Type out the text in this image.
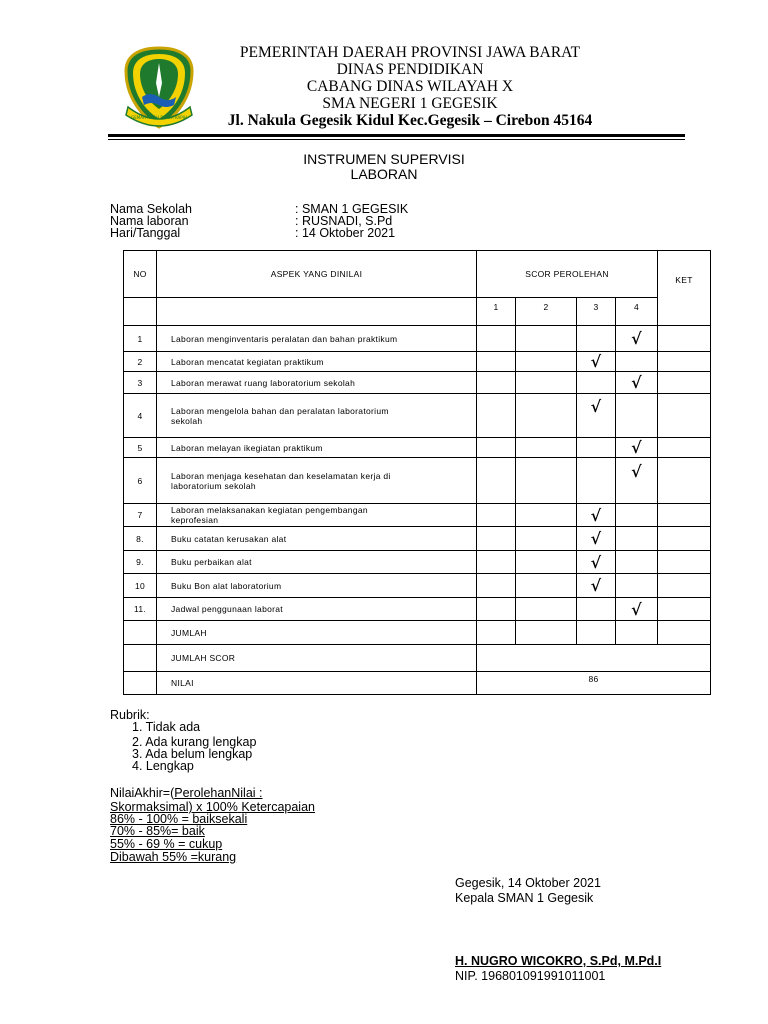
GEMAH RIPAH REPEH RAPIH
PEMERINTAH DAERAH PROVINSI JAWA BARAT
DINAS PENDIDIKAN
CABANG DINAS WILAYAH X
SMA NEGERI 1 GEGESIK
Jl. Nakula Gegesik Kidul Kec.Gegesik – Cirebon 45164
INSTRUMEN SUPERVISI
LABORAN
Nama Sekolah	: SMAN 1 GEGESIK
Nama laboran	: RUSNADI, S.Pd
Hari/Tanggal	: 14 Oktober 2021
NO	ASPEK YANG DINILAI	SCOR PEROLEHAN				KET
		1	2	3	4	
1	Laboran menginventaris peralatan dan bahan praktikum				√	

2	Laboran mencatat kegiatan praktikum			√		

3	Laboran merawat ruang laboratorium sekolah				√	

4	Laboran mengelola bahan dan peralatan laboratorium sekolah			√		

5	Laboran melayan ikegiatan praktikum				√	

6	Laboran menjaga kesehatan dan keselamatan kerja di laboratorium sekolah				√	

7	Laboran melaksanakan kegiatan pengembangan keprofesian			√		

8.	Buku catatan kerusakan alat			√		

9.	Buku perbaikan alat			√		

10	Buku Bon alat laboratorium			√		

11.	Jadwal penggunaan laborat				√	

	JUMLAH					
	JUMLAH SCOR					
	NILAI	86				
Rubrik:
1. Tidak ada
2. Ada kurang lengkap
3. Ada belum lengkap
4. Lengkap
NilaiAkhir=(PerolehanNilai :
Skormaksimal) x 100% Ketercapaian
86% - 100% = baiksekali
70% - 85%= baik
55% - 69 % = cukup
Dibawah 55% =kurang
Gegesik, 14 Oktober 2021
Kepala SMAN 1 Gegesik
H. NUGRO WICOKRO, S.Pd, M.Pd.I
NIP. 196801091991011001
